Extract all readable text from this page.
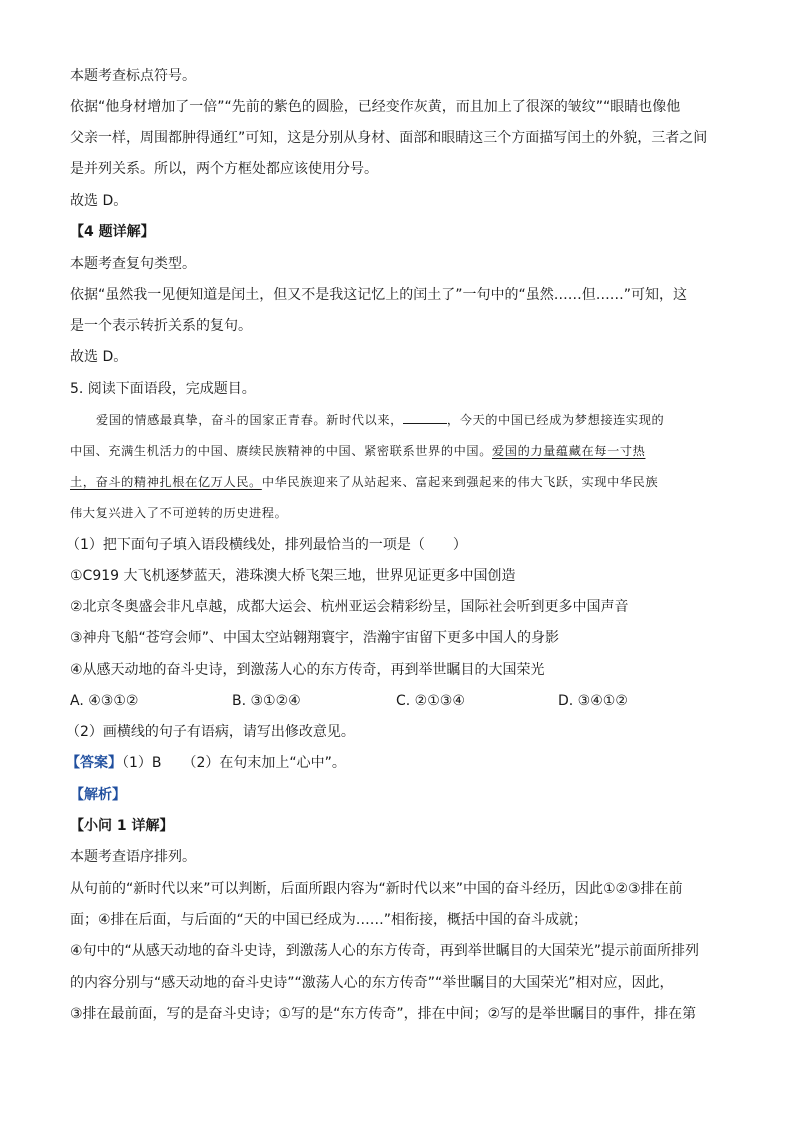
本题考查标点符号。
依据“他身材增加了一倍”“先前的紫色的圆脸，已经变作灰黄，而且加上了很深的皱纹”“眼睛也像他
父亲一样，周围都肿得通红”可知，这是分别从身材、面部和眼睛这三个方面描写闰土的外貌，三者之间
是并列关系。所以，两个方框处都应该使用分号。
故选 D。
【4 题详解】
本题考查复句类型。
依据“虽然我一见便知道是闰土，但又不是我这记忆上的闰土了”一句中的“虽然……但……”可知，这
是一个表示转折关系的复句。
故选 D。
5. 阅读下面语段，完成题目。
爱国的情感最真挚，奋斗的国家正青春。新时代以来，	，今天的中国已经成为梦想接连实现的
中国、充满生机活力的中国、赓续民族精神的中国、紧密联系世界的中国。爱国的力量蕴藏在每一寸热
土，奋斗的精神扎根在亿万人民。中华民族迎来了从站起来、富起来到强起来的伟大飞跃，实现中华民族
伟大复兴进入了不可逆转的历史进程。
（1）把下面句子填入语段横线处，排列最恰当的一项是（　　）
①C919 大飞机逐梦蓝天，港珠澳大桥飞架三地，世界见证更多中国创造
②北京冬奥盛会非凡卓越，成都大运会、杭州亚运会精彩纷呈，国际社会听到更多中国声音
③神舟飞船“苍穹会师”、中国太空站翱翔寰宇，浩瀚宇宙留下更多中国人的身影
④从感天动地的奋斗史诗，到激荡人心的东方传奇，再到举世瞩目的大国荣光
A. ④③①②	B. ③①②④	C. ②①③④	D. ③④①②
（2）画横线的句子有语病，请写出修改意见。
【答案】（1）B　　（2）在句末加上“心中”。
【解析】
【小问 1 详解】
本题考查语序排列。
从句前的“新时代以来”可以判断，后面所跟内容为“新时代以来”中国的奋斗经历，因此①②③排在前
面；④排在后面，与后面的“天的中国已经成为……”相衔接，概括中国的奋斗成就；
④句中的“从感天动地的奋斗史诗，到激荡人心的东方传奇，再到举世瞩目的大国荣光”提示前面所排列
的内容分别与“感天动地的奋斗史诗”“激荡人心的东方传奇”“举世瞩目的大国荣光”相对应，因此，
③排在最前面，写的是奋斗史诗；①写的是“东方传奇”，排在中间；②写的是举世瞩目的事件，排在第
